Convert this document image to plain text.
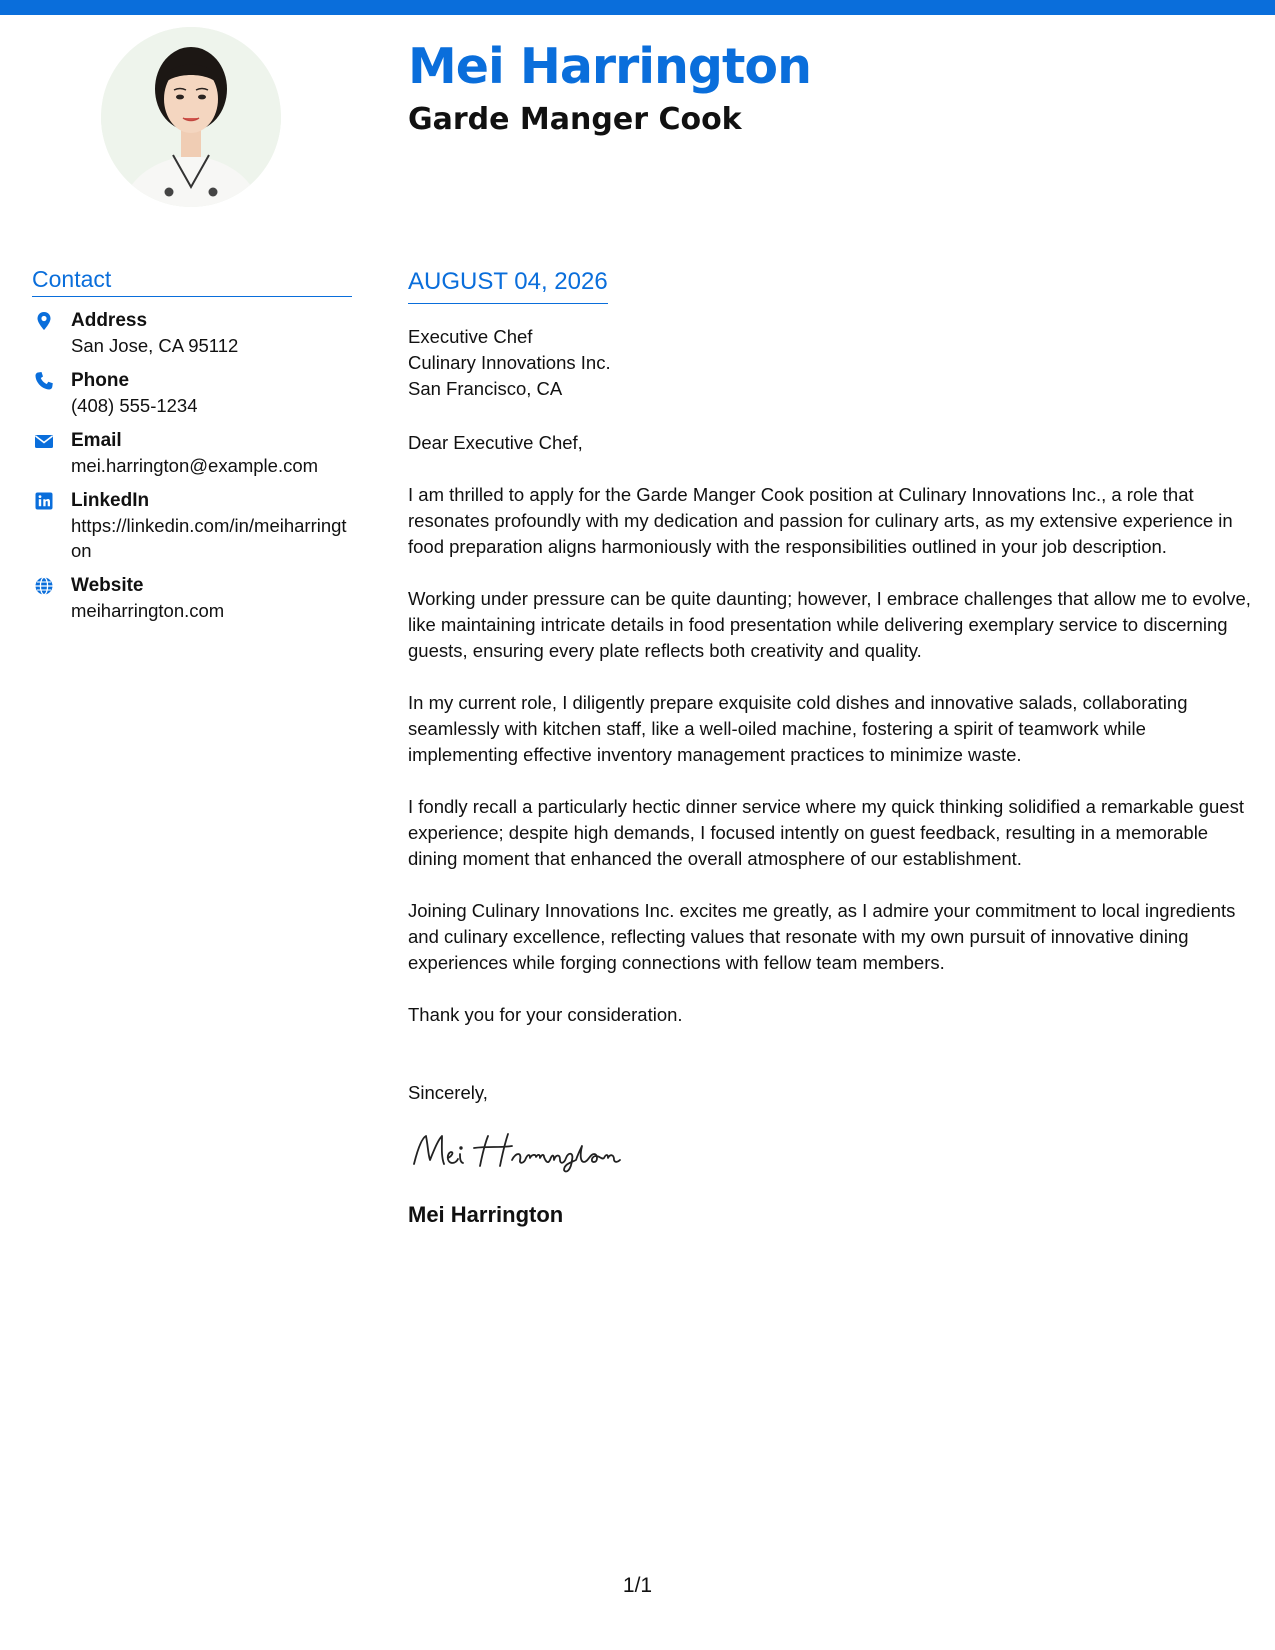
Mei Harrington
Garde Manger Cook
Contact
Address
San Jose, CA 95112
Phone
(408) 555-1234
Email
mei.harrington@example.com
LinkedIn
https://linkedin.com/in/meiharrington
Website
meiharrington.com
AUGUST 04, 2026
Executive Chef
Culinary Innovations Inc.
San Francisco, CA

Dear Executive Chef,

I am thrilled to apply for the Garde Manger Cook position at Culinary Innovations Inc., a role that resonates profoundly with my dedication and passion for culinary arts, as my extensive experience in food preparation aligns harmoniously with the responsibilities outlined in your job description.

Working under pressure can be quite daunting; however, I embrace challenges that allow me to evolve, like maintaining intricate details in food presentation while delivering exemplary service to discerning guests, ensuring every plate reflects both creativity and quality.

In my current role, I diligently prepare exquisite cold dishes and innovative salads, collaborating seamlessly with kitchen staff, like a well-oiled machine, fostering a spirit of teamwork while implementing effective inventory management practices to minimize waste.

I fondly recall a particularly hectic dinner service where my quick thinking solidified a remarkable guest experience; despite high demands, I focused intently on guest feedback, resulting in a memorable dining moment that enhanced the overall atmosphere of our establishment.

Joining Culinary Innovations Inc. excites me greatly, as I admire your commitment to local ingredients and culinary excellence, reflecting values that resonate with my own pursuit of innovative dining experiences while forging connections with fellow team members.

Thank you for your consideration.

Sincerely,
Mei Harrington
1/1
